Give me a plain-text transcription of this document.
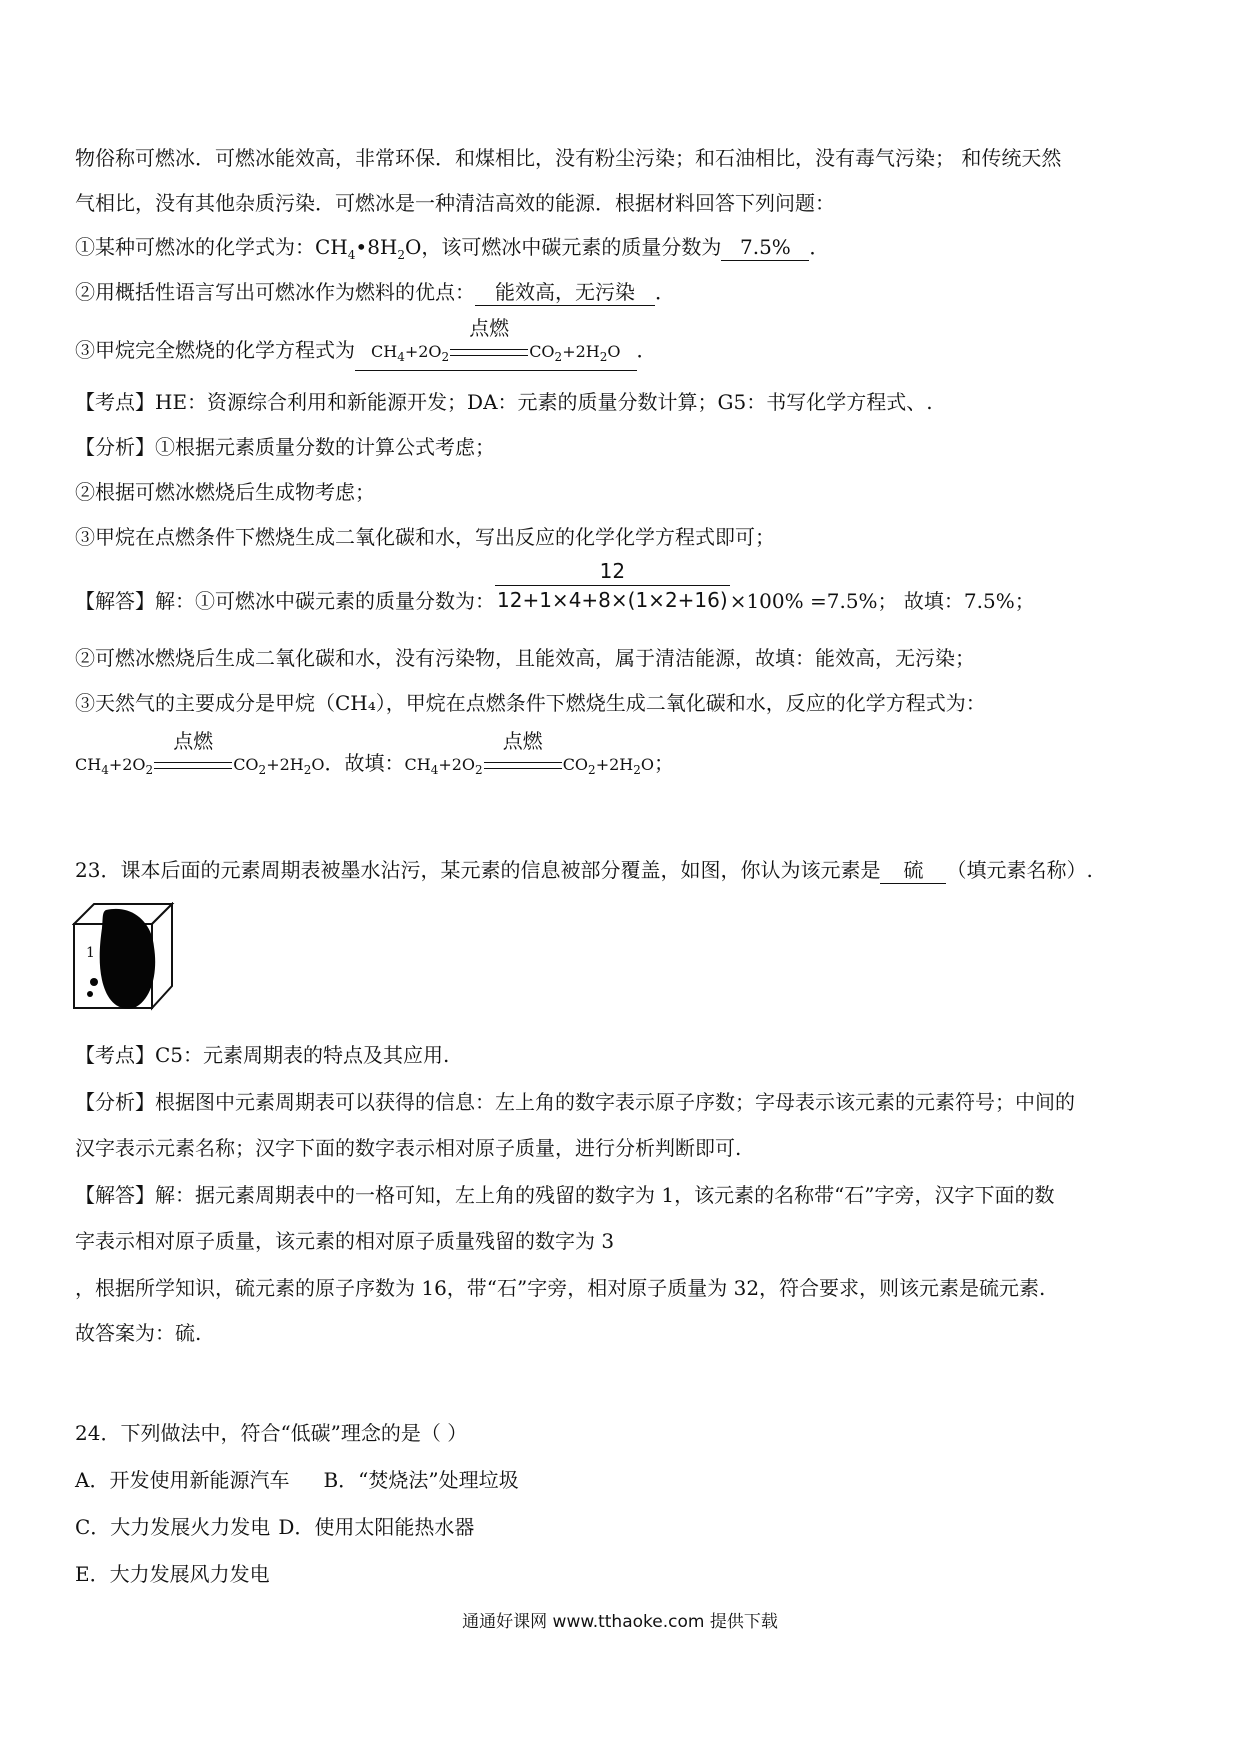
物俗称可燃冰．可燃冰能效高，非常环保．和煤相比，没有粉尘污染；和石油相比，没有毒气污染； 和传统天然
气相比，没有其他杂质污染．可燃冰是一种清洁高效的能源．根据材料回答下列问题：
①某种可燃冰的化学式为：$CH_4•8H_2O$，该可燃冰中碳元素的质量分数为 7.5% ．
②用概括性语言写出可燃冰作为燃料的优点： 能效高，无污染 ．
③甲烷完全燃烧的化学方程式为 $CH_4+2O_2$
点燃
$CO_2+2H_2O$ ．
【考点】HE：资源综合利用和新能源开发；DA：元素的质量分数计算；G5：书写化学方程式、.
【分析】①根据元素质量分数的计算公式考虑；
②根据可燃冰燃烧后生成物考虑；
③甲烷在点燃条件下燃烧生成二氧化碳和水，写出反应的化学化学方程式即可；
【解答】解：①可燃冰中碳元素的质量分数为： $\frac{12}{12+1\times 4+8\times(1\times 2+16)} \times 100\% =7.5\%$； 故填：7.5%；
②可燃冰燃烧后生成二氧化碳和水，没有污染物，且能效高，属于清洁能源，故填：能效高，无污染；
③天然气的主要成分是甲烷（CH₄），甲烷在点燃条件下燃烧生成二氧化碳和水，反应的化学方程式为：
$CH_4+2O_2$
点燃
$CO_2+2H_2O$．故填：$CH_4+2O_2$
点燃
$CO_2+2H_2O$；
23．课本后面的元素周期表被墨水沾污，某元素的信息被部分覆盖，如图，你认为该元素是 硫 （填元素名称）.
1
【考点】C5：元素周期表的特点及其应用.
【分析】根据图中元素周期表可以获得的信息：左上角的数字表示原子序数；字母表示该元素的元素符号；中间的
汉字表示元素名称；汉字下面的数字表示相对原子质量，进行分析判断即可.
【解答】解：据元素周期表中的一格可知，左上角的残留的数字为 1，该元素的名称带“石”字旁，汉字下面的数
字表示相对原子质量，该元素的相对原子质量残留的数字为 3
，根据所学知识，硫元素的原子序数为 16，带“石”字旁，相对原子质量为 32，符合要求，则该元素是硫元素.
故答案为：硫.
24．下列做法中，符合“低碳”理念的是（ ）
A．开发使用新能源汽车 B．“焚烧法”处理垃圾
C．大力发展火力发电 D．使用太阳能热水器
E．大力发展风力发电
通通好课网 www.tthaoke.com 提供下载
